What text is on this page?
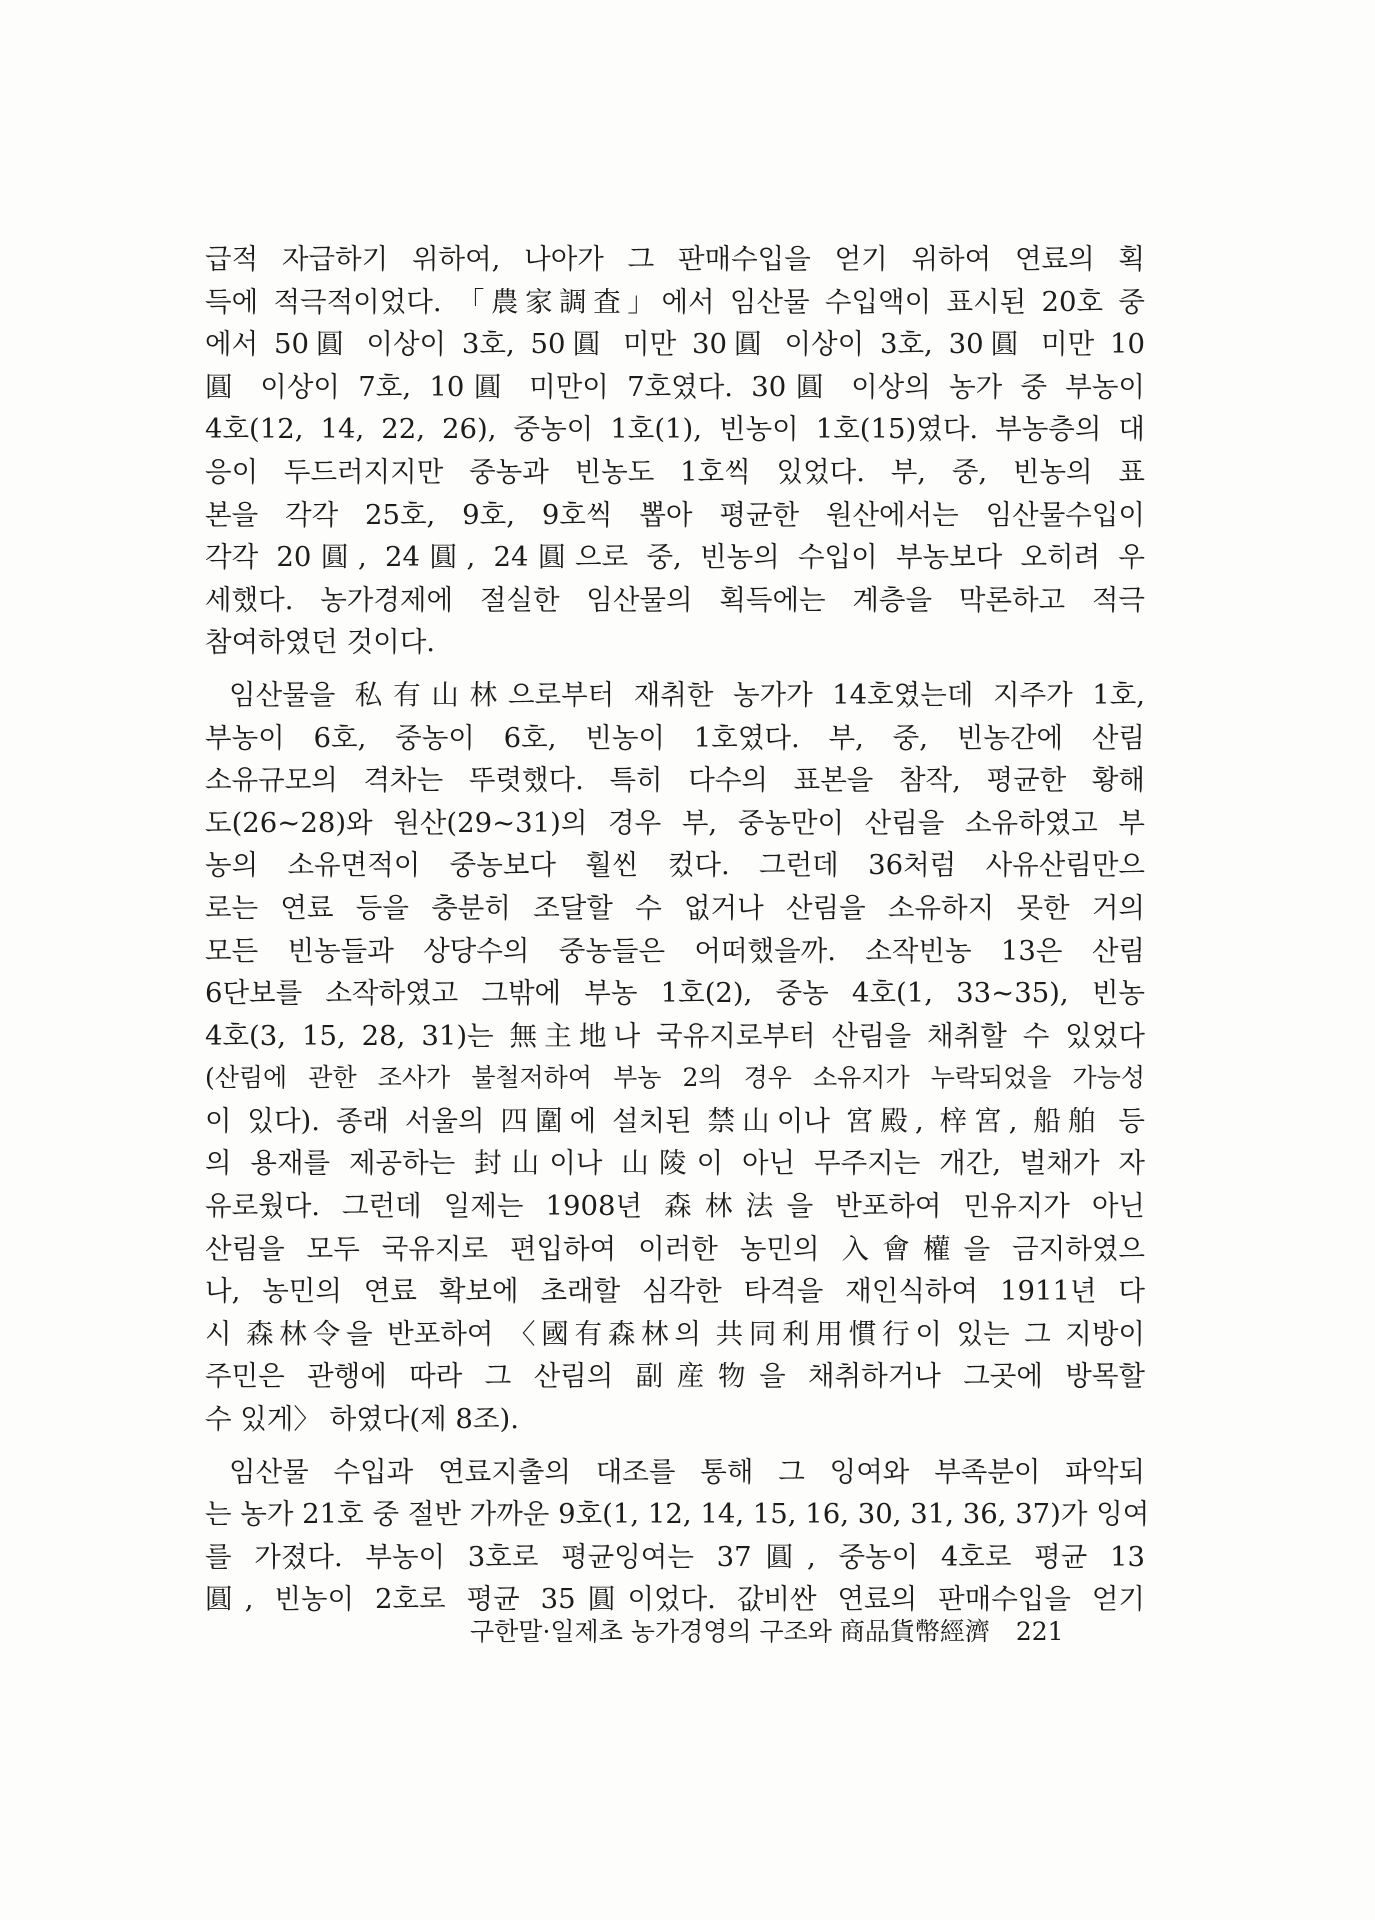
급적 자급하기 위하여, 나아가 그 판매수입을 얻기 위하여 연료의 획
득에 적극적이었다. 「農家調査」에서 임산물 수입액이 표시된 20호 중
에서 50圓 이상이 3호, 50圓 미만 30圓 이상이 3호, 30圓 미만 10
圓 이상이 7호, 10圓 미만이 7호였다. 30圓 이상의 농가 중 부농이
4호(12, 14, 22, 26), 중농이 1호(1), 빈농이 1호(15)였다. 부농층의 대
응이 두드러지지만 중농과 빈농도 1호씩 있었다. 부, 중, 빈농의 표
본을 각각 25호, 9호, 9호씩 뽑아 평균한 원산에서는 임산물수입이
각각 20圓, 24圓, 24圓으로 중, 빈농의 수입이 부농보다 오히려 우
세했다. 농가경제에 절실한 임산물의 획득에는 계층을 막론하고 적극
참여하였던 것이다.
임산물을 私有山林으로부터 재취한 농가가 14호였는데 지주가 1호,
부농이 6호, 중농이 6호, 빈농이 1호였다. 부, 중, 빈농간에 산림
소유규모의 격차는 뚜렷했다. 특히 다수의 표본을 참작, 평균한 황해
도(26~28)와 원산(29~31)의 경우 부, 중농만이 산림을 소유하였고 부
농의 소유면적이 중농보다 훨씬 컸다. 그런데 36처럼 사유산림만으
로는 연료 등을 충분히 조달할 수 없거나 산림을 소유하지 못한 거의
모든 빈농들과 상당수의 중농들은 어떠했을까. 소작빈농 13은 산림
6단보를 소작하였고 그밖에 부농 1호(2), 중농 4호(1, 33~35), 빈농
4호(3, 15, 28, 31)는 無主地나 국유지로부터 산림을 채취할 수 있었다
(산림에 관한 조사가 불철저하여 부농 2의 경우 소유지가 누락되었을 가능성
이 있다). 종래 서울의 四圍에 설치된 禁山이나 宮殿, 梓宮, 船舶 등
의 용재를 제공하는 封山이나 山陵이 아닌 무주지는 개간, 벌채가 자
유로웠다. 그런데 일제는 1908년 森林法을 반포하여 민유지가 아닌
산림을 모두 국유지로 편입하여 이러한 농민의 入會權을 금지하였으
나, 농민의 연료 확보에 초래할 심각한 타격을 재인식하여 1911년 다
시 森林令을 반포하여 〈國有森林의 共同利用慣行이 있는 그 지방이
주민은 관행에 따라 그 산림의 副産物을 채취하거나 그곳에 방목할
수 있게〉 하였다(제 8조).
임산물 수입과 연료지출의 대조를 통해 그 잉여와 부족분이 파악되
는 농가 21호 중 절반 가까운 9호(1, 12, 14, 15, 16, 30, 31, 36, 37)가 잉여
를 가졌다. 부농이 3호로 평균잉여는 37圓, 중농이 4호로 평균 13
圓, 빈농이 2호로 평균 35圓이었다. 값비싼 연료의 판매수입을 얻기
구한말·일제초 농가경영의 구조와 商品貨幣經濟 221
